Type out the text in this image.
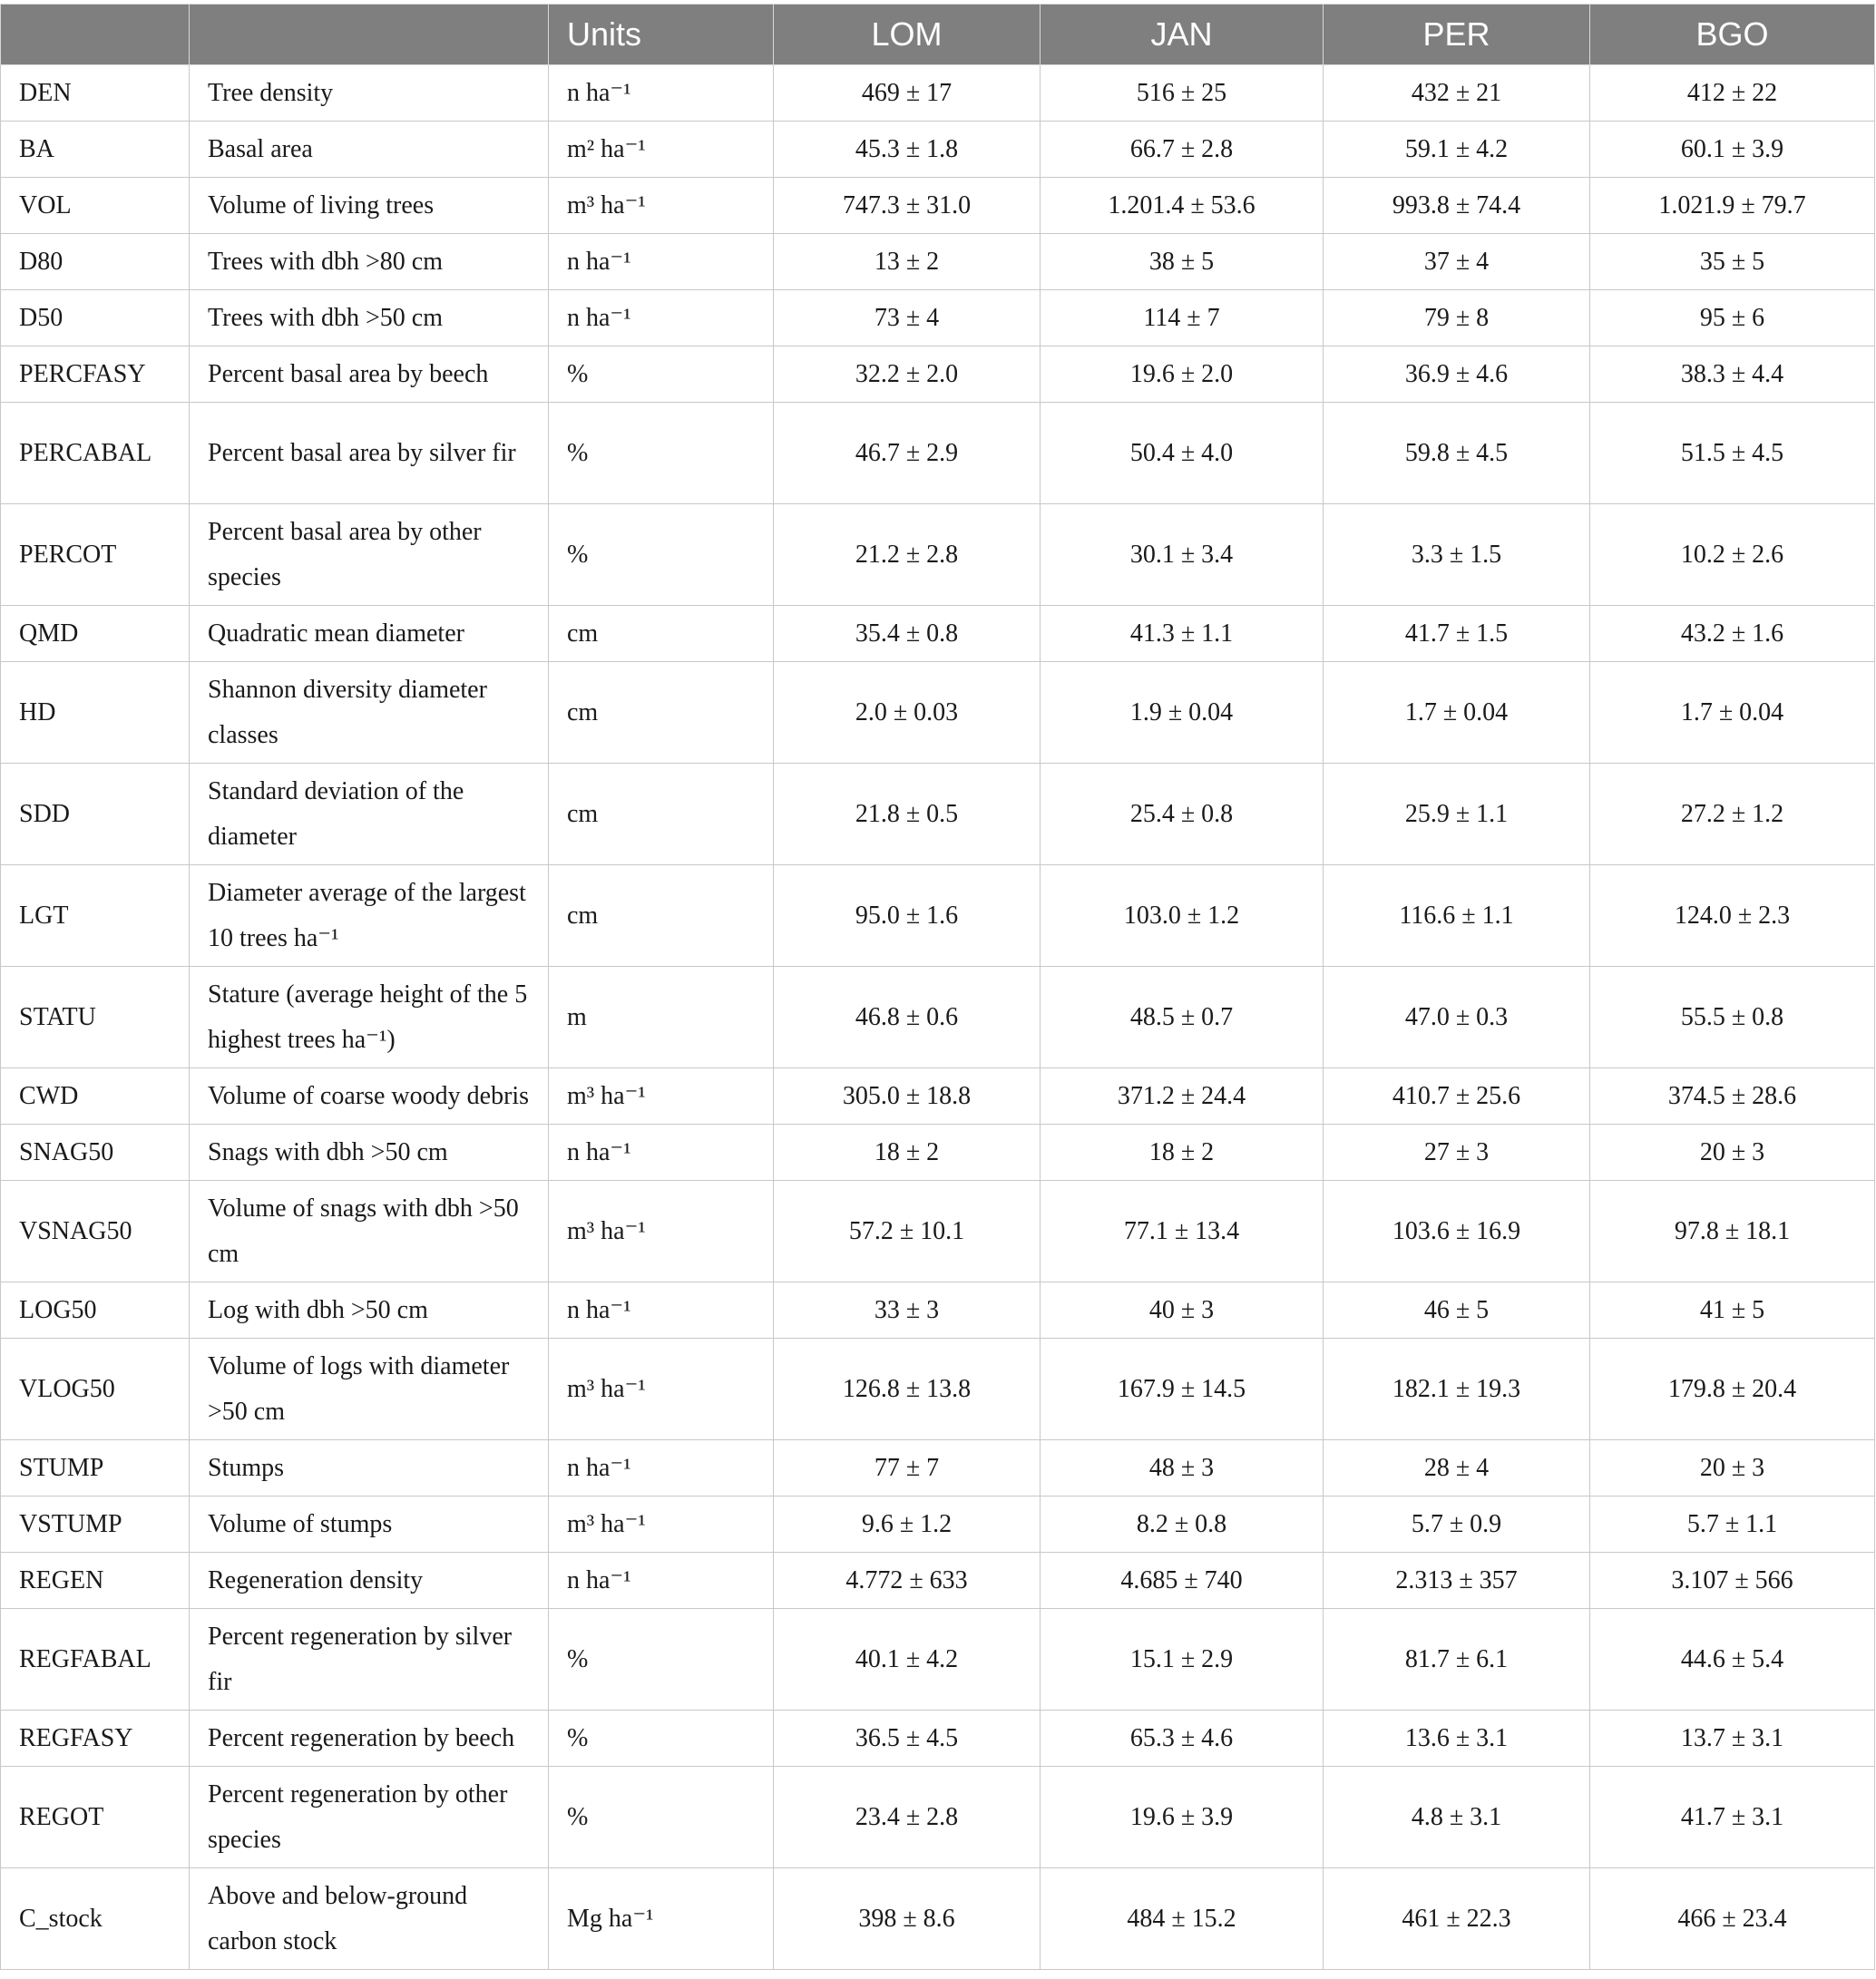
		Units	LOM	JAN	PER	BGO
DEN	Tree density	n ha⁻¹	469 ± 17	516 ± 25	432 ± 21	412 ± 22
BA	Basal area	m² ha⁻¹	45.3 ± 1.8	66.7 ± 2.8	59.1 ± 4.2	60.1 ± 3.9
VOL	Volume of living trees	m³ ha⁻¹	747.3 ± 31.0	1.201.4 ± 53.6	993.8 ± 74.4	1.021.9 ± 79.7
D80	Trees with dbh >80 cm	n ha⁻¹	13 ± 2	38 ± 5	37 ± 4	35 ± 5
D50	Trees with dbh >50 cm	n ha⁻¹	73 ± 4	114 ± 7	79 ± 8	95 ± 6
PERCFASY	Percent basal area by beech	%	32.2 ± 2.0	19.6 ± 2.0	36.9 ± 4.6	38.3 ± 4.4
PERCABAL	Percent basal area by silver fir	%	46.7 ± 2.9	50.4 ± 4.0	59.8 ± 4.5	51.5 ± 4.5
PERCOT	Percent basal area by other species	%	21.2 ± 2.8	30.1 ± 3.4	3.3 ± 1.5	10.2 ± 2.6
QMD	Quadratic mean diameter	cm	35.4 ± 0.8	41.3 ± 1.1	41.7 ± 1.5	43.2 ± 1.6
HD	Shannon diversity diameter classes	cm	2.0 ± 0.03	1.9 ± 0.04	1.7 ± 0.04	1.7 ± 0.04
SDD	Standard deviation of the diameter	cm	21.8 ± 0.5	25.4 ± 0.8	25.9 ± 1.1	27.2 ± 1.2
LGT	Diameter average of the largest 10 trees ha⁻¹	cm	95.0 ± 1.6	103.0 ± 1.2	116.6 ± 1.1	124.0 ± 2.3
STATU	Stature (average height of the 5 highest trees ha⁻¹)	m	46.8 ± 0.6	48.5 ± 0.7	47.0 ± 0.3	55.5 ± 0.8
CWD	Volume of coarse woody debris	m³ ha⁻¹	305.0 ± 18.8	371.2 ± 24.4	410.7 ± 25.6	374.5 ± 28.6
SNAG50	Snags with dbh >50 cm	n ha⁻¹	18 ± 2	18 ± 2	27 ± 3	20 ± 3
VSNAG50	Volume of snags with dbh >50 cm	m³ ha⁻¹	57.2 ± 10.1	77.1 ± 13.4	103.6 ± 16.9	97.8 ± 18.1
LOG50	Log with dbh >50 cm	n ha⁻¹	33 ± 3	40 ± 3	46 ± 5	41 ± 5
VLOG50	Volume of logs with diameter >50 cm	m³ ha⁻¹	126.8 ± 13.8	167.9 ± 14.5	182.1 ± 19.3	179.8 ± 20.4
STUMP	Stumps	n ha⁻¹	77 ± 7	48 ± 3	28 ± 4	20 ± 3
VSTUMP	Volume of stumps	m³ ha⁻¹	9.6 ± 1.2	8.2 ± 0.8	5.7 ± 0.9	5.7 ± 1.1
REGEN	Regeneration density	n ha⁻¹	4.772 ± 633	4.685 ± 740	2.313 ± 357	3.107 ± 566
REGFABAL	Percent regeneration by silver fir	%	40.1 ± 4.2	15.1 ± 2.9	81.7 ± 6.1	44.6 ± 5.4
REGFASY	Percent regeneration by beech	%	36.5 ± 4.5	65.3 ± 4.6	13.6 ± 3.1	13.7 ± 3.1
REGOT	Percent regeneration by other species	%	23.4 ± 2.8	19.6 ± 3.9	4.8 ± 3.1	41.7 ± 3.1
C_stock	Above and below-ground carbon stock	Mg ha⁻¹	398 ± 8.6	484 ± 15.2	461 ± 22.3	466 ± 23.4
